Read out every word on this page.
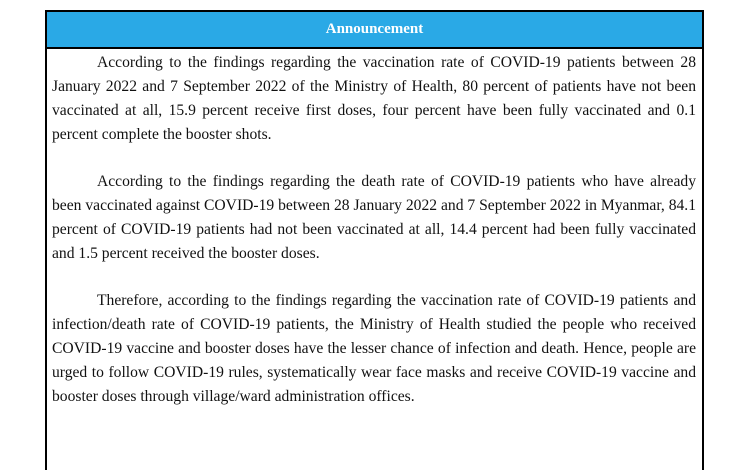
Announcement

According to the findings regarding the vaccination rate of COVID-19 patients between 28 January 2022 and 7 September 2022 of the Ministry of Health, 80 percent of patients have not been vaccinated at all, 15.9 percent receive first doses, four percent have been fully vaccinated and 0.1 percent complete the booster shots.

According to the findings regarding the death rate of COVID-19 patients who have already been vaccinated against COVID-19 between 28 January 2022 and 7 September 2022 in Myanmar, 84.1 percent of COVID-19 patients had not been vaccinated at all, 14.4 percent had been fully vaccinated and 1.5 percent received the booster doses.

Therefore, according to the findings regarding the vaccination rate of COVID-19 patients and infection/death rate of COVID-19 patients, the Ministry of Health studied the people who received COVID-19 vaccine and booster doses have the lesser chance of infection and death. Hence, people are urged to follow COVID-19 rules, systematically wear face masks and receive COVID-19 vaccine and booster doses through village/ward administration offices.
